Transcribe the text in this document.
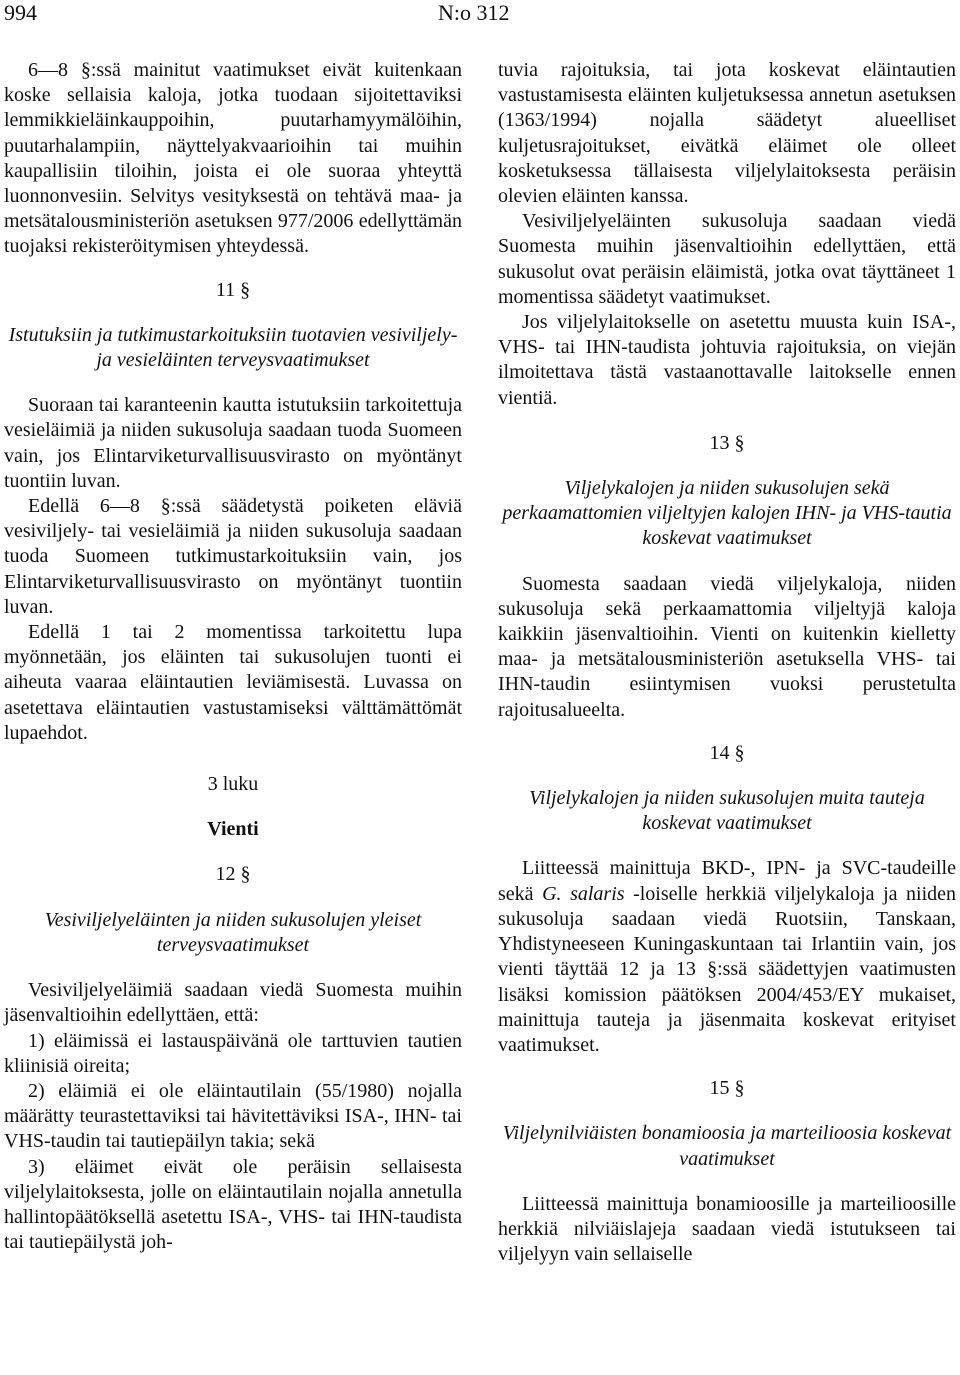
994	N:o 312

6—8 §:ssä mainitut vaatimukset eivät kuitenkaan koske sellaisia kaloja, jotka tuodaan sijoitettaviksi lemmikkieläinkauppoihin, puutarhamyymälöihin, puutarhalampiin, näyttelyakvaarioihin tai muihin kaupallisiin tiloihin, joista ei ole suoraa yhteyttä luonnonvesiin. Selvitys vesityksestä on tehtävä maa- ja metsätalousministeriön asetuksen 977/2006 edellyttämän tuojaksi rekisteröitymisen yhteydessä.

11 §
Istutuksiin ja tutkimustarkoituksiin tuotavien vesiviljely- ja vesieläinten terveysvaatimukset

Suoraan tai karanteenin kautta istutuksiin tarkoitettuja vesieläimiä ja niiden sukusoluja saadaan tuoda Suomeen vain, jos Elintarviketurvallisuusvirasto on myöntänyt tuontiin luvan.

Edellä 6—8 §:ssä säädetystä poiketen eläviä vesiviljely- tai vesieläimiä ja niiden sukusoluja saadaan tuoda Suomeen tutkimustarkoituksiin vain, jos Elintarviketurvallisuusvirasto on myöntänyt tuontiin luvan.

Edellä 1 tai 2 momentissa tarkoitettu lupa myönnetään, jos eläinten tai sukusolujen tuonti ei aiheuta vaaraa eläintautien leviämisestä. Luvassa on asetettava eläintautien vastustamiseksi välttämättömät lupaehdot.

3 luku
Vienti
12 §
Vesiviljelyeläinten ja niiden sukusolujen yleiset terveysvaatimukset

Vesiviljelyeläimiä saadaan viedä Suomesta muihin jäsenvaltioihin edellyttäen, että:

1) eläimissä ei lastauspäivänä ole tarttuvien tautien kliinisiä oireita;

2) eläimiä ei ole eläintautilain (55/1980) nojalla määrätty teurastettaviksi tai hävitettäviksi ISA-, IHN- tai VHS-taudin tai tautiepäilyn takia; sekä

3) eläimet eivät ole peräisin sellaisesta viljelylaitoksesta, jolle on eläintautilain nojalla annetulla hallintopäätöksellä asetettu ISA-, VHS- tai IHN-taudista tai tautiepäilystä joh-

tuvia rajoituksia, tai jota koskevat eläintautien vastustamisesta eläinten kuljetuksessa annetun asetuksen (1363/1994) nojalla säädetyt alueelliset kuljetusrajoitukset, eivätkä eläimet ole olleet kosketuksessa tällaisesta viljelylaitoksesta peräisin olevien eläinten kanssa.

Vesiviljelyeläinten sukusoluja saadaan viedä Suomesta muihin jäsenvaltioihin edellyttäen, että sukusolut ovat peräisin eläimistä, jotka ovat täyttäneet 1 momentissa säädetyt vaatimukset.

Jos viljelylaitokselle on asetettu muusta kuin ISA-, VHS- tai IHN-taudista johtuvia rajoituksia, on viejän ilmoitettava tästä vastaanottavalle laitokselle ennen vientiä.

13 §
Viljelykalojen ja niiden sukusolujen sekä perkaamattomien viljeltyjen kalojen IHN- ja VHS-tautia koskevat vaatimukset

Suomesta saadaan viedä viljelykaloja, niiden sukusoluja sekä perkaamattomia viljeltyjä kaloja kaikkiin jäsenvaltioihin. Vienti on kuitenkin kielletty maa- ja metsätalousministeriön asetuksella VHS- tai IHN-taudin esiintymisen vuoksi perustetulta rajoitusalueelta.

14 §
Viljelykalojen ja niiden sukusolujen muita tauteja koskevat vaatimukset

Liitteessä mainittuja BKD-, IPN- ja SVC-taudeille sekä G. salaris -loiselle herkkiä viljelykaloja ja niiden sukusoluja saadaan viedä Ruotsiin, Tanskaan, Yhdistyneeseen Kuningaskuntaan tai Irlantiin vain, jos vienti täyttää 12 ja 13 §:ssä säädettyjen vaatimusten lisäksi komission päätöksen 2004/453/EY mukaiset, mainittuja tauteja ja jäsenmaita koskevat erityiset vaatimukset.

15 §
Viljelynilviäisten bonamioosia ja marteilioosia koskevat vaatimukset

Liitteessä mainittuja bonamioosille ja marteilioosille herkkiä nilviäislajeja saadaan viedä istutukseen tai viljelyyn vain sellaiselle
